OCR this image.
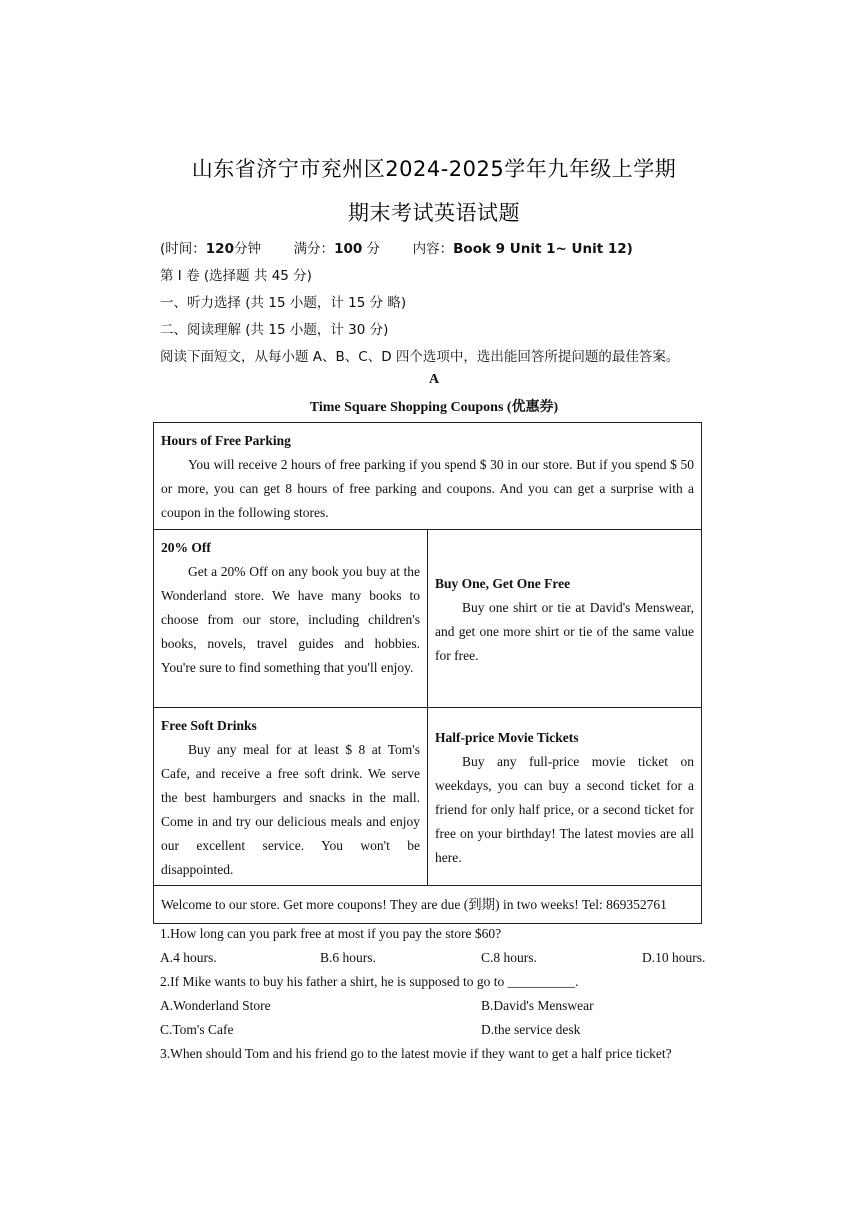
山东省济宁市兖州区2024-2025学年九年级上学期
期末考试英语试题
(时间：120分钟 满分：100 分 内容：Book 9 Unit 1~ Unit 12)
第 I 卷 (选择题 共 45 分)
一、听力选择 (共 15 小题，计 15 分 略)
二、阅读理解 (共 15 小题，计 30 分)
阅读下面短文，从每小题 A、B、C、D 四个选项中，选出能回答所提问题的最佳答案。
A
Time Square Shopping Coupons (优惠券)
Hours of Free Parking

You will receive 2 hours of free parking if you spend $ 30 in our store. But if you spend $ 50 or more, you can get 8 hours of free parking and coupons. And you can get a surprise with a coupon in the following stores.

20% Off

Get a 20% Off on any book you buy at the Wonderland store. We have many books to choose from our store, including children's books, novels, travel guides and hobbies. You're sure to find something that you'll enjoy.

Buy One, Get One Free

Buy one shirt or tie at David's Menswear, and get one more shirt or tie of the same value for free.

Free Soft Drinks

Buy any meal for at least $ 8 at Tom's Cafe, and receive a free soft drink. We serve the best hamburgers and snacks in the mall. Come in and try our delicious meals and enjoy our excellent service. You won't be disappointed.

Half-price Movie Tickets

Buy any full-price movie ticket on weekdays, you can buy a second ticket for a friend for only half price, or a second ticket for free on your birthday! The latest movies are all here.

Welcome to our store. Get more coupons! They are due (到期) in two weeks! Tel: 869352761
1.How long can you park free at most if you pay the store $60?
A.4 hours.	B.6 hours.	C.8 hours.	D.10 hours.
2.If Mike wants to buy his father a shirt, he is supposed to go to __________.
A.Wonderland Store	B.David's Menswear
C.Tom's Cafe	D.the service desk
3.When should Tom and his friend go to the latest movie if they want to get a half price ticket?
